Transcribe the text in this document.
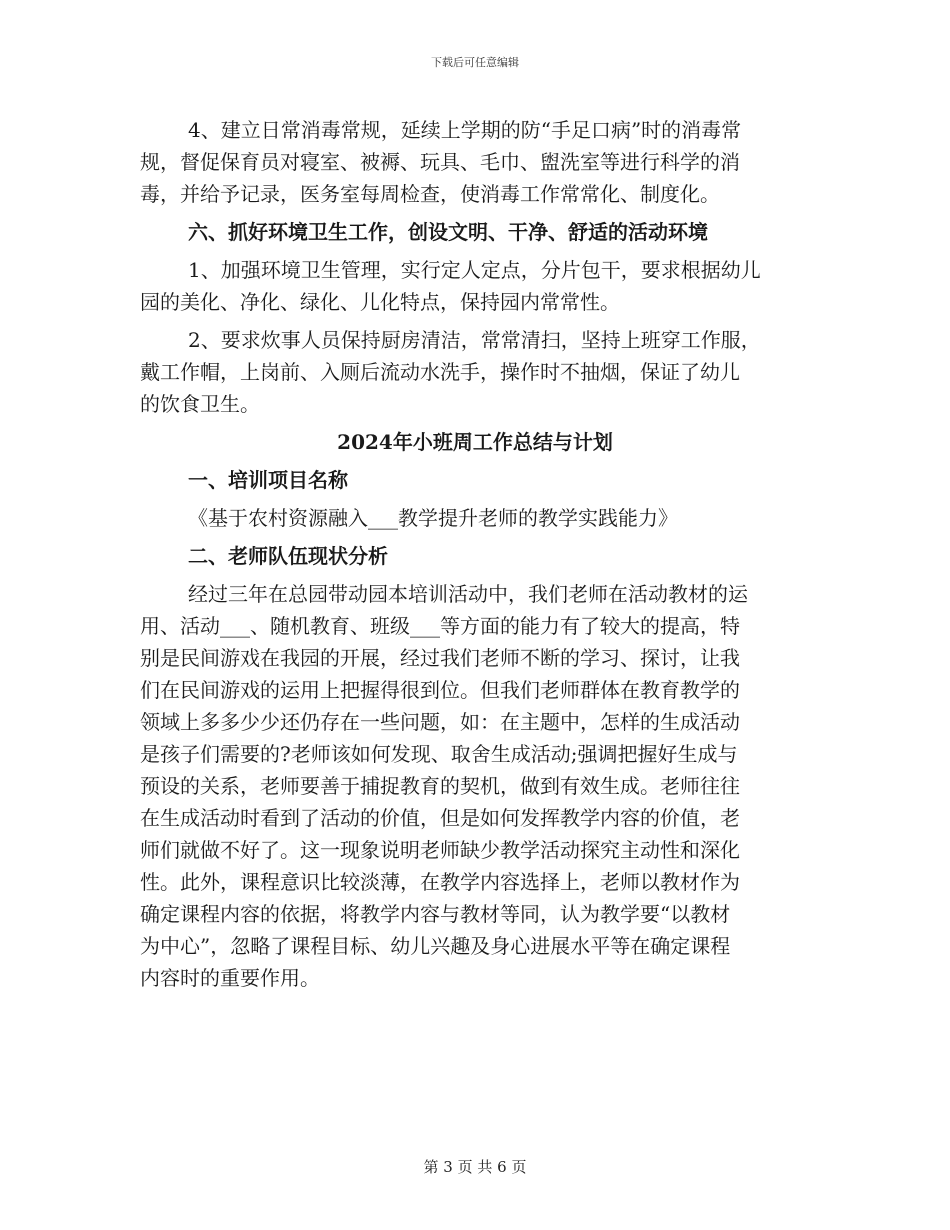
下载后可任意编辑
4、建立日常消毒常规，延续上学期的防“手足口病”时的消毒常
规，督促保育员对寝室、被褥、玩具、毛巾、盥洗室等进行科学的消
毒，并给予记录，医务室每周检查，使消毒工作常常化、制度化。
六、抓好环境卫生工作，创设文明、干净、舒适的活动环境
1、加强环境卫生管理，实行定人定点，分片包干，要求根据幼儿
园的美化、净化、绿化、儿化特点，保持园内常常性。
2、要求炊事人员保持厨房清洁，常常清扫，坚持上班穿工作服，
戴工作帽，上岗前、入厕后流动水洗手，操作时不抽烟，保证了幼儿
的饮食卫生。
2024年小班周工作总结与计划
一、培训项目名称
《基于农村资源融入___教学提升老师的教学实践能力》
二、老师队伍现状分析
经过三年在总园带动园本培训活动中，我们老师在活动教材的运
用、活动___、随机教育、班级___等方面的能力有了较大的提高，特
别是民间游戏在我园的开展，经过我们老师不断的学习、探讨，让我
们在民间游戏的运用上把握得很到位。但我们老师群体在教育教学的
领域上多多少少还仍存在一些问题，如：在主题中，怎样的生成活动
是孩子们需要的?老师该如何发现、取舍生成活动;强调把握好生成与
预设的关系，老师要善于捕捉教育的契机，做到有效生成。老师往往
在生成活动时看到了活动的价值，但是如何发挥教学内容的价值，老
师们就做不好了。这一现象说明老师缺少教学活动探究主动性和深化
性。此外，课程意识比较淡薄，在教学内容选择上，老师以教材作为
确定课程内容的依据，将教学内容与教材等同，认为教学要“以教材
为中心”，忽略了课程目标、幼儿兴趣及身心进展水平等在确定课程
内容时的重要作用。
第 3 页 共 6 页
